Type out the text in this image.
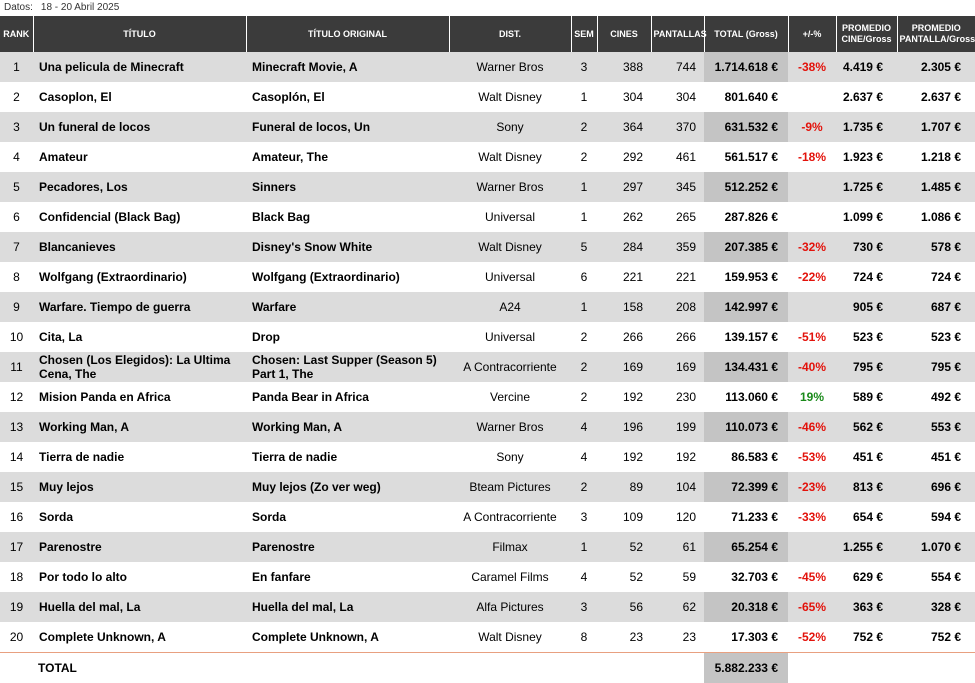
Datos: 18 - 20 Abril 2025
RANK	TÍTULO	TÍTULO ORIGINAL	DIST.	SEM	CINES	PANTALLAS	TOTAL (Gross)	+/-%	PROMEDIO CINE/Gross	PROMEDIO PANTALLA/Gross
1	Una pelicula de Minecraft	Minecraft Movie, A	Warner Bros	3	388	744	1.714.618 €	-38%	4.419 €	2.305 €
2	Casoplon, El	Casoplón, El	Walt Disney	1	304	304	801.640 €		2.637 €	2.637 €
3	Un funeral de locos	Funeral de locos, Un	Sony	2	364	370	631.532 €	-9%	1.735 €	1.707 €
4	Amateur	Amateur, The	Walt Disney	2	292	461	561.517 €	-18%	1.923 €	1.218 €
5	Pecadores, Los	Sinners	Warner Bros	1	297	345	512.252 €		1.725 €	1.485 €
6	Confidencial (Black Bag)	Black Bag	Universal	1	262	265	287.826 €		1.099 €	1.086 €
7	Blancanieves	Disney's Snow White	Walt Disney	5	284	359	207.385 €	-32%	730 €	578 €
8	Wolfgang (Extraordinario)	Wolfgang (Extraordinario)	Universal	6	221	221	159.953 €	-22%	724 €	724 €
9	Warfare. Tiempo de guerra	Warfare	A24	1	158	208	142.997 €		905 €	687 €
10	Cita, La	Drop	Universal	2	266	266	139.157 €	-51%	523 €	523 €
11	Chosen (Los Elegidos): La Ultima Cena, The	Chosen: Last Supper (Season 5) Part 1, The	A Contracorriente	2	169	169	134.431 €	-40%	795 €	795 €
12	Mision Panda en Africa	Panda Bear in Africa	Vercine	2	192	230	113.060 €	19%	589 €	492 €
13	Working Man, A	Working Man, A	Warner Bros	4	196	199	110.073 €	-46%	562 €	553 €
14	Tierra de nadie	Tierra de nadie	Sony	4	192	192	86.583 €	-53%	451 €	451 €
15	Muy lejos	Muy lejos (Zo ver weg)	Bteam Pictures	2	89	104	72.399 €	-23%	813 €	696 €
16	Sorda	Sorda	A Contracorriente	3	109	120	71.233 €	-33%	654 €	594 €
17	Parenostre	Parenostre	Filmax	1	52	61	65.254 €		1.255 €	1.070 €
18	Por todo lo alto	En fanfare	Caramel Films	4	52	59	32.703 €	-45%	629 €	554 €
19	Huella del mal, La	Huella del mal, La	Alfa Pictures	3	56	62	20.318 €	-65%	363 €	328 €
20	Complete Unknown, A	Complete Unknown, A	Walt Disney	8	23	23	17.303 €	-52%	752 €	752 €
TOTAL							5.882.233 €			
